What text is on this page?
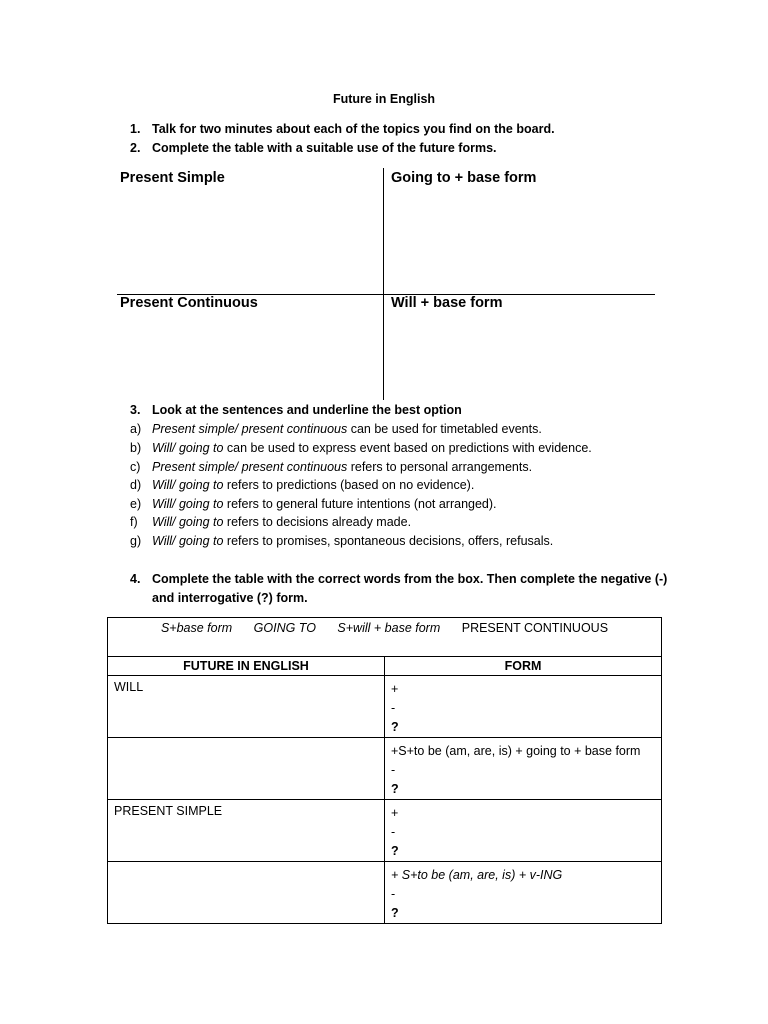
Future in English
1. Talk for two minutes about each of the topics you find on the board.
2. Complete the table with a suitable use of the future forms.
Present Simple	Going to + base form
Present Continuous	Will + base form
3. Look at the sentences and underline the best option
a) Present simple/ present continuous can be used for timetabled events.
b) Will/ going to can be used to express event based on predictions with evidence.
c) Present simple/ present continuous refers to personal arrangements.
d) Will/ going to refers to predictions (based on no evidence).
e) Will/ going to refers to general future intentions (not arranged).
f) Will/ going to refers to decisions already made.
g) Will/ going to refers to promises, spontaneous decisions, offers, refusals.
4. Complete the table with the correct words from the box. Then complete the negative (-)
and interrogative (?) form.
S+base form GOING TO S+will + base form PRESENT CONTINUOUS	
FUTURE IN ENGLISH	FORM
WILL	+
-
?

	+S+to be (am, are, is) + going to + base form
-
?

PRESENT SIMPLE	+
-
?

	+ S+to be (am, are, is) + v-ING
-
?
